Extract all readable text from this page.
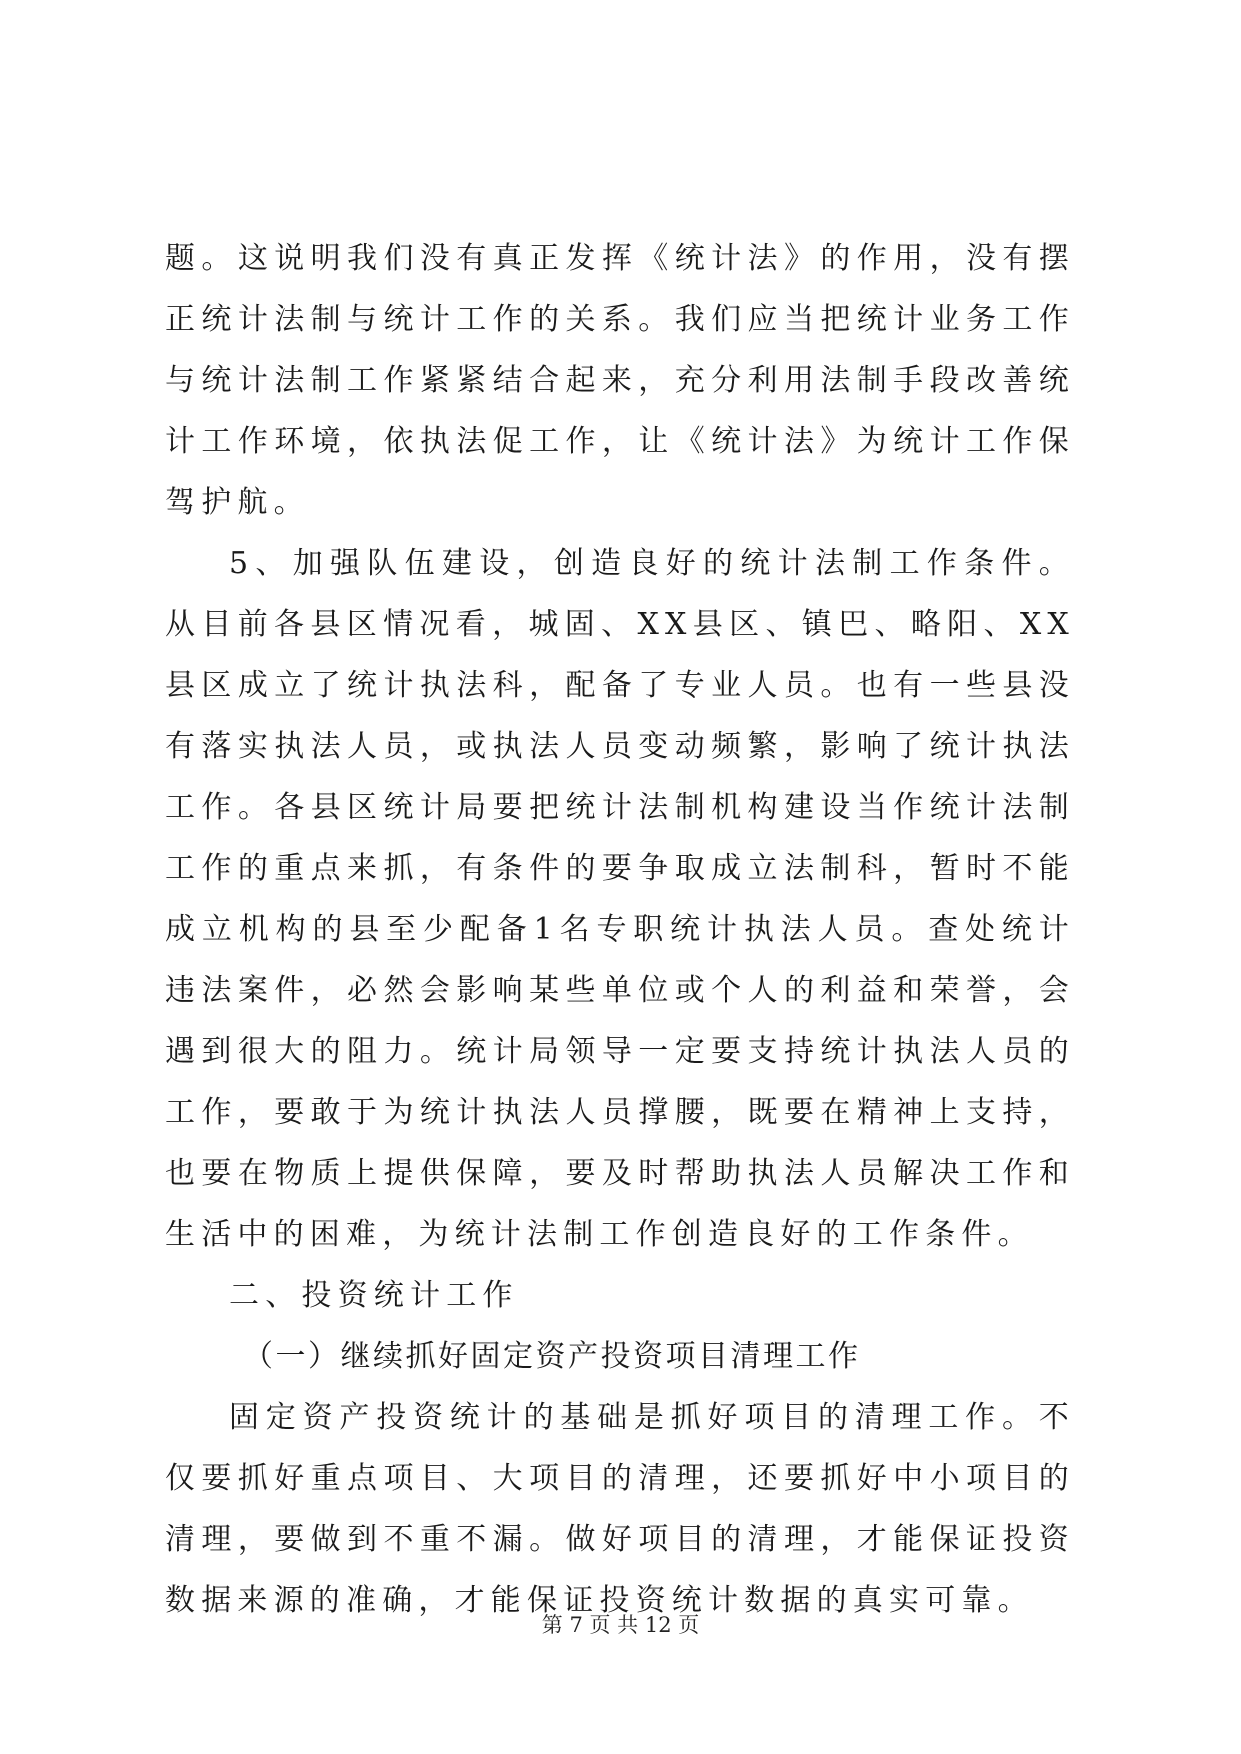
题。这说明我们没有真正发挥《统计法》的作用，没有摆正统计法制与统计工作的关系。我们应当把统计业务工作与统计法制工作紧紧结合起来，充分利用法制手段改善统计工作环境，依执法促工作，让《统计法》为统计工作保驾护航。

5、加强队伍建设，创造良好的统计法制工作条件。从目前各县区情况看，城固、XX县区、镇巴、略阳、XX县区成立了统计执法科，配备了专业人员。也有一些县没有落实执法人员，或执法人员变动频繁，影响了统计执法工作。各县区统计局要把统计法制机构建设当作统计法制工作的重点来抓，有条件的要争取成立法制科，暂时不能成立机构的县至少配备1名专职统计执法人员。查处统计违法案件，必然会影响某些单位或个人的利益和荣誉，会遇到很大的阻力。统计局领导一定要支持统计执法人员的工作，要敢于为统计执法人员撑腰，既要在精神上支持，也要在物质上提供保障，要及时帮助执法人员解决工作和生活中的困难，为统计法制工作创造良好的工作条件。

二、投资统计工作

（一）继续抓好固定资产投资项目清理工作

固定资产投资统计的基础是抓好项目的清理工作。不仅要抓好重点项目、大项目的清理，还要抓好中小项目的清理，要做到不重不漏。做好项目的清理，才能保证投资数据来源的准确，才能保证投资统计数据的真实可靠。

第 7 页 共 12 页
